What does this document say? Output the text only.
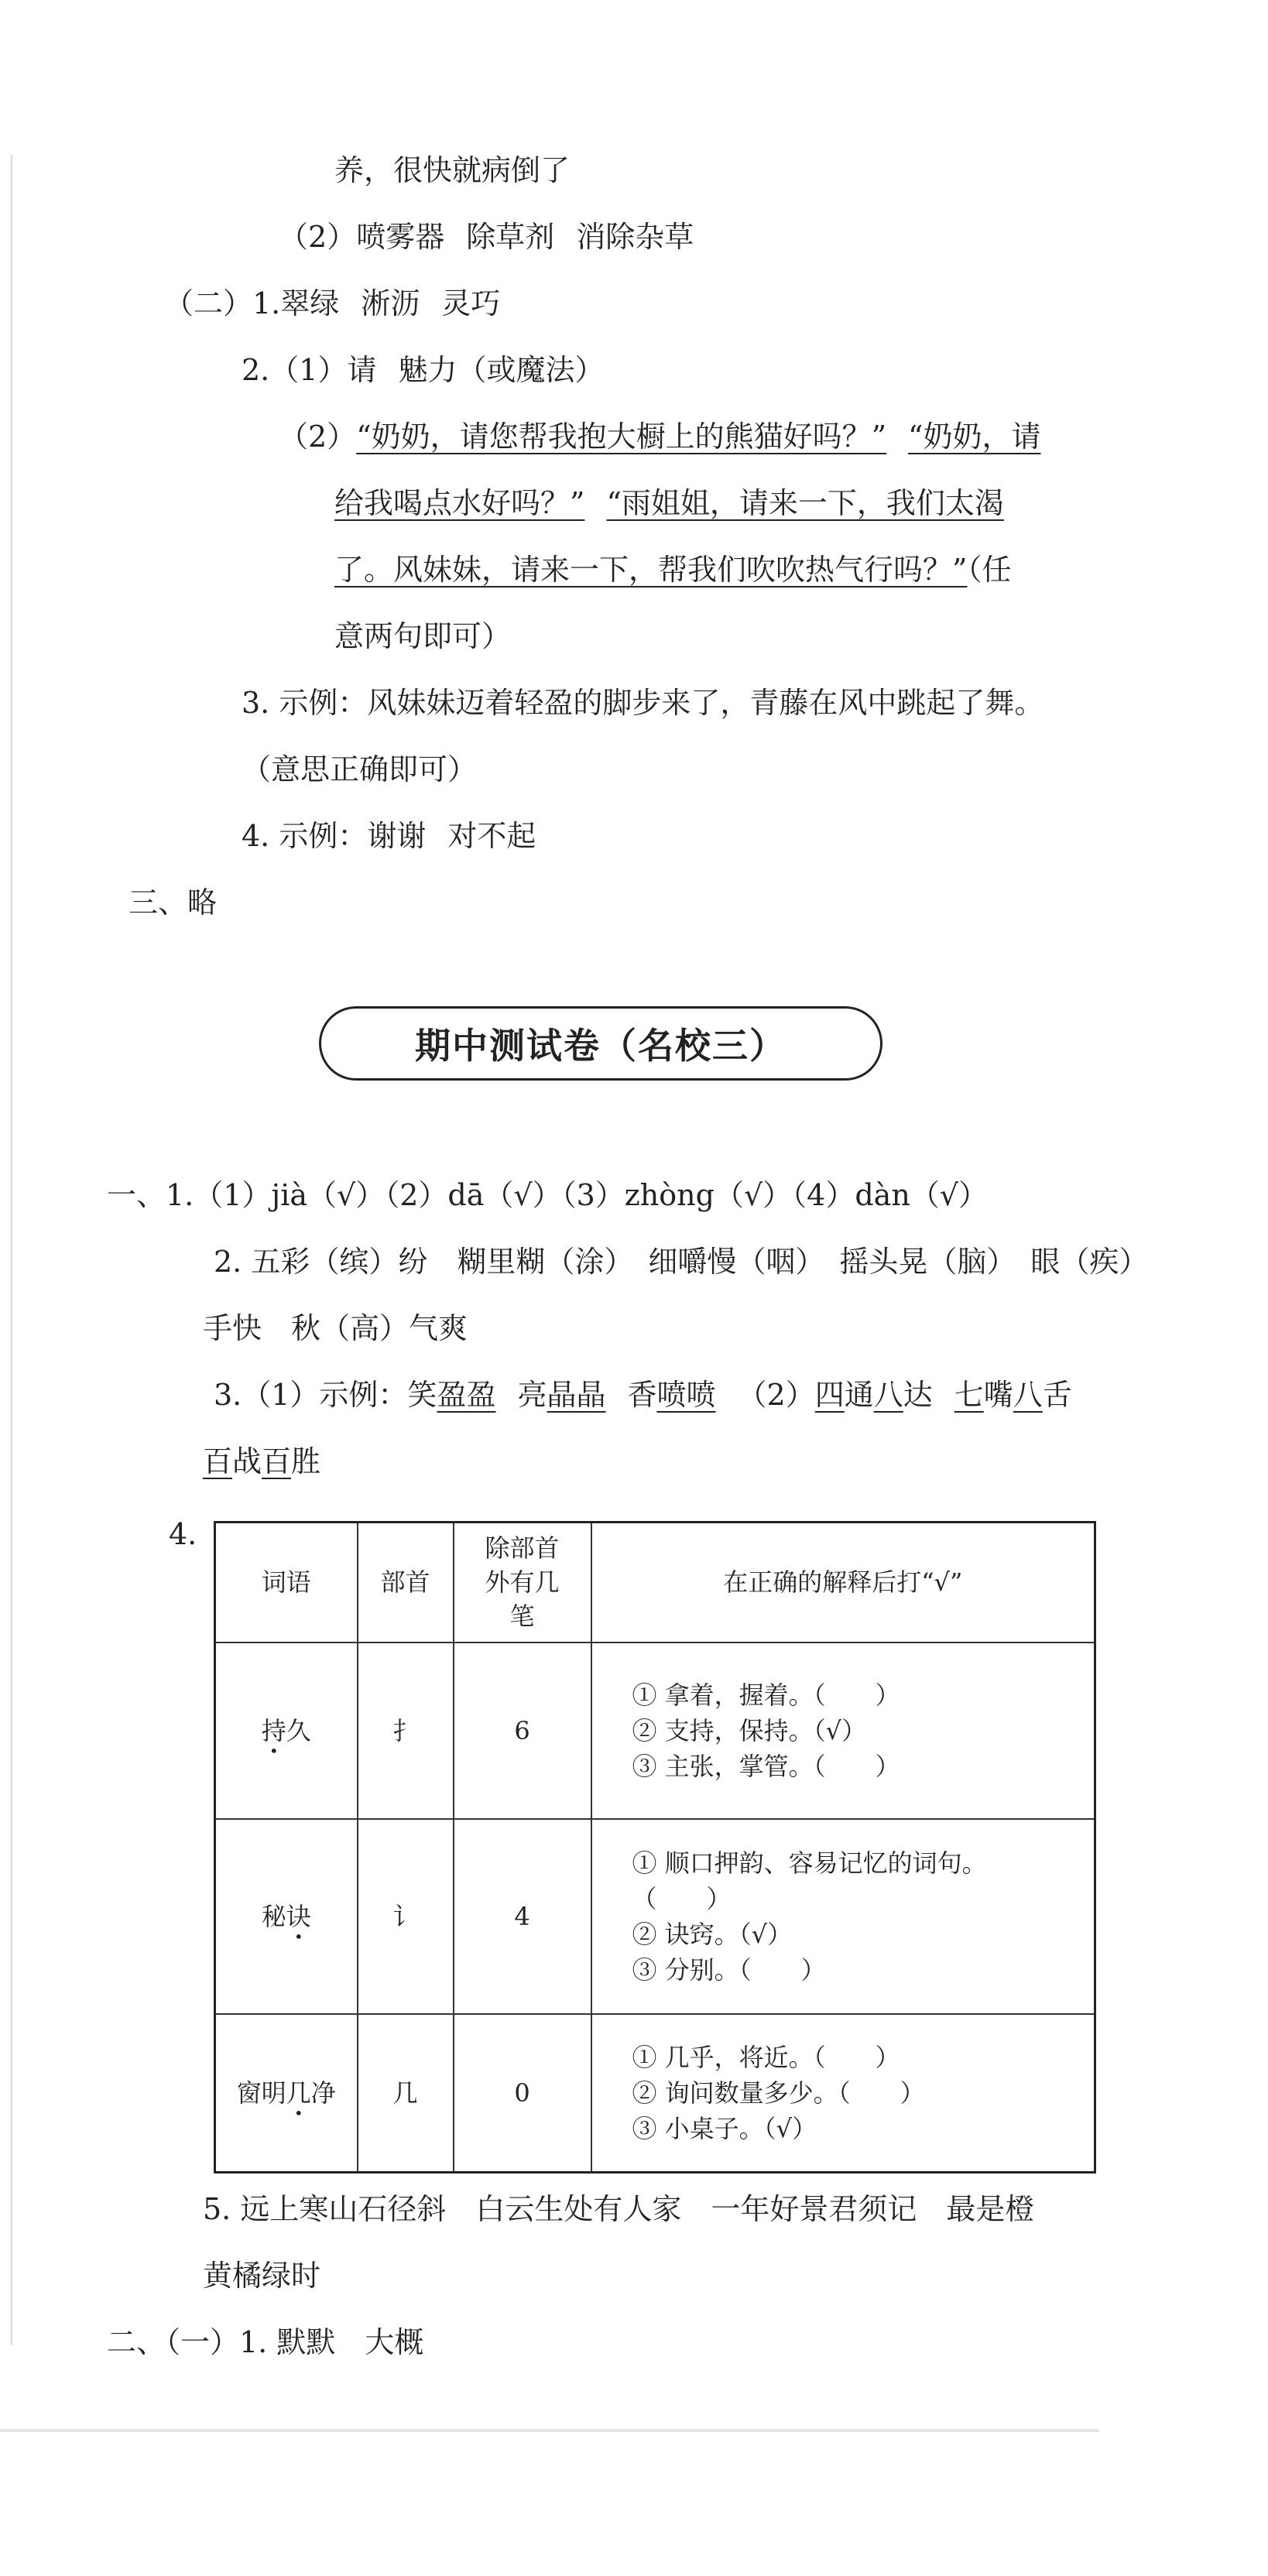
养，很快就病倒了
（2）喷雾器 除草剂 消除杂草
（二）1.翠绿 淅沥 灵巧
2.（1）请 魅力（或魔法）
（2）“奶奶，请您帮我抱大橱上的熊猫好吗？” “奶奶，请
给我喝点水好吗？” “雨姐姐，请来一下，我们太渴
了。风妹妹，请来一下，帮我们吹吹热气行吗？”（任
意两句即可）
3. 示例：风妹妹迈着轻盈的脚步来了，青藤在风中跳起了舞。
（意思正确即可）
4. 示例：谢谢 对不起
三、略
期中测试卷（名校三）
一、1.（1）jià（√）（2）dā（√）（3）zhòng（√）（4）dàn（√）
2. 五彩（缤）纷　糊里糊（涂）　细嚼慢（咽）　摇头晃（脑）　眼（疾）
手快　秋（高）气爽
3.（1）示例：笑盈盈 亮晶晶 香喷喷 （2）四通八达 七嘴八舌
百战百胜
4.
词语	部首	除部首外有几笔	在正确的解释后打“√”
持久	扌	6	① 拿着，握着。（　　）
② 支持，保持。（√）
③ 主张，掌管。（　　）

秘诀	讠	4	① 顺口押韵、容易记忆的词句。
（　　）
② 诀窍。（√）
③ 分别。（　　）

窗明几净	几	0	① 几乎，将近。（　　）
② 询问数量多少。（　　）
③ 小桌子。（√）
5. 远上寒山石径斜　白云生处有人家　一年好景君须记　最是橙
黄橘绿时
二、（一）1. 默默　大概
